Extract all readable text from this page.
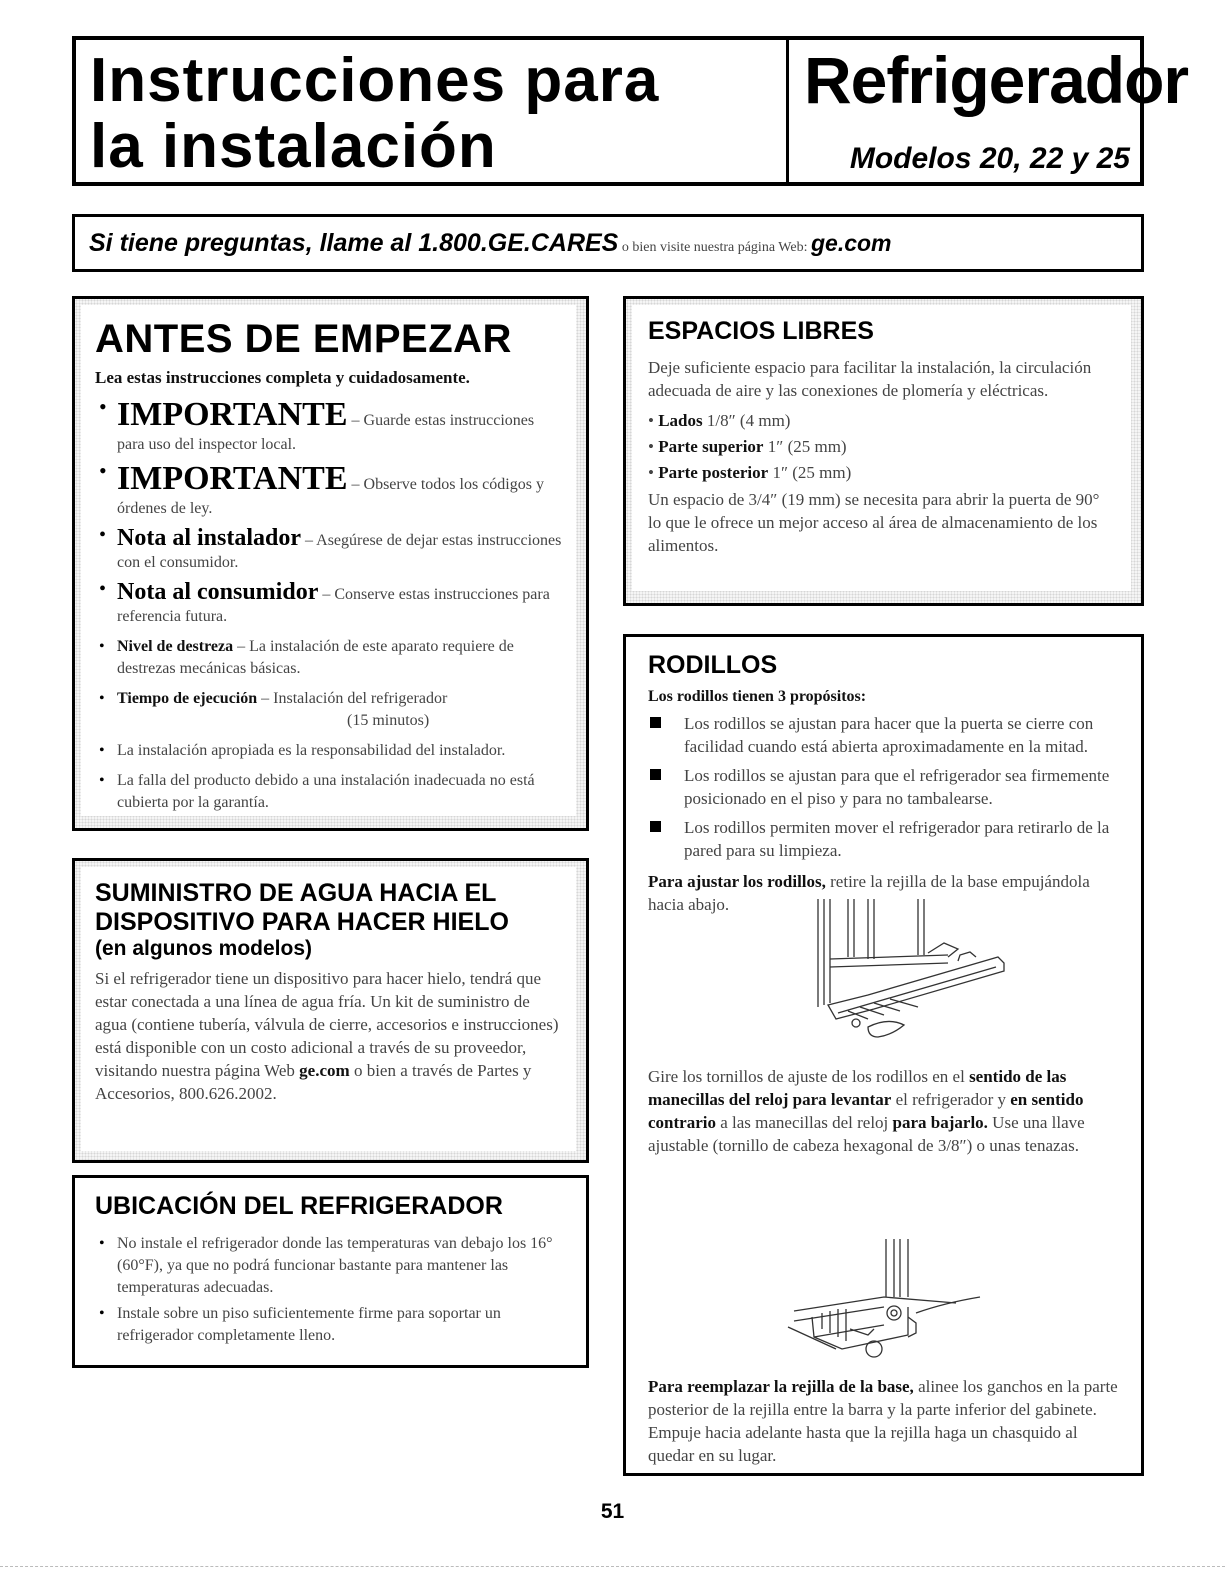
Instrucciones para
la instalación
Refrigerador
Modelos 20, 22 y 25
Si tiene preguntas, llame al 1.800.GE.CARES o bien visite nuestra página Web: ge.com
ANTES DE EMPEZAR
Lea estas instrucciones completa y cuidadosamente.
• IMPORTANTE – Guarde estas instrucciones para uso del inspector local.
• IMPORTANTE – Observe todos los códigos y órdenes de ley.
• Nota al instalador – Asegúrese de dejar estas instrucciones con el consumidor.
• Nota al consumidor – Conserve estas instrucciones para referencia futura.
• Nivel de destreza – La instalación de este aparato requiere de destrezas mecánicas básicas.
• Tiempo de ejecución – Instalación del refrigerador
(15 minutos)
• La instalación apropiada es la responsabilidad del instalador.
• La falla del producto debido a una instalación inadecuada no está cubierta por la garantía.
SUMINISTRO DE AGUA HACIA EL
DISPOSITIVO PARA HACER HIELO
(en algunos modelos)
Si el refrigerador tiene un dispositivo para hacer hielo, tendrá que estar conectada a una línea de agua fría. Un kit de suministro de agua (contiene tubería, válvula de cierre, accesorios e instrucciones) está disponible con un costo adicional a través de su proveedor, visitando nuestra página Web ge.com o bien a través de Partes y Accesorios, 800.626.2002.
UBICACIÓN DEL REFRIGERADOR
• No instale el refrigerador donde las temperaturas van debajo los 16°(60°F), ya que no podrá funcionar bastante para mantener las temperaturas adecuadas.
• Instale sobre un piso suficientemente firme para soportar un refrigerador completamente lleno.
ESPACIOS LIBRES
Deje suficiente espacio para facilitar la instalación, la circulación adecuada de aire y las conexiones de plomería y eléctricas.
• Lados 1/8″ (4 mm)
• Parte superior 1″ (25 mm)
• Parte posterior 1″ (25 mm)
Un espacio de 3/4″ (19 mm) se necesita para abrir la puerta de 90° lo que le ofrece un mejor acceso al área de almacenamiento de los alimentos.
RODILLOS
Los rodillos tienen 3 propósitos:
Los rodillos se ajustan para hacer que la puerta se cierre con facilidad cuando está abierta aproximadamente en la mitad.
Los rodillos se ajustan para que el refrigerador sea firmemente posicionado en el piso y para no tambalearse.
Los rodillos permiten mover el refrigerador para retirarlo de la pared para su limpieza.
Para ajustar los rodillos, retire la rejilla de la base empujándola hacia abajo.
Gire los tornillos de ajuste de los rodillos en el sentido de las manecillas del reloj para levantar el refrigerador y en sentido contrario a las manecillas del reloj para bajarlo. Use una llave ajustable (tornillo de cabeza hexagonal de 3/8″) o unas tenazas.
Para reemplazar la rejilla de la base, alinee los ganchos en la parte posterior de la rejilla entre la barra y la parte inferior del gabinete. Empuje hacia adelante hasta que la rejilla haga un chasquido al quedar en su lugar.
51
